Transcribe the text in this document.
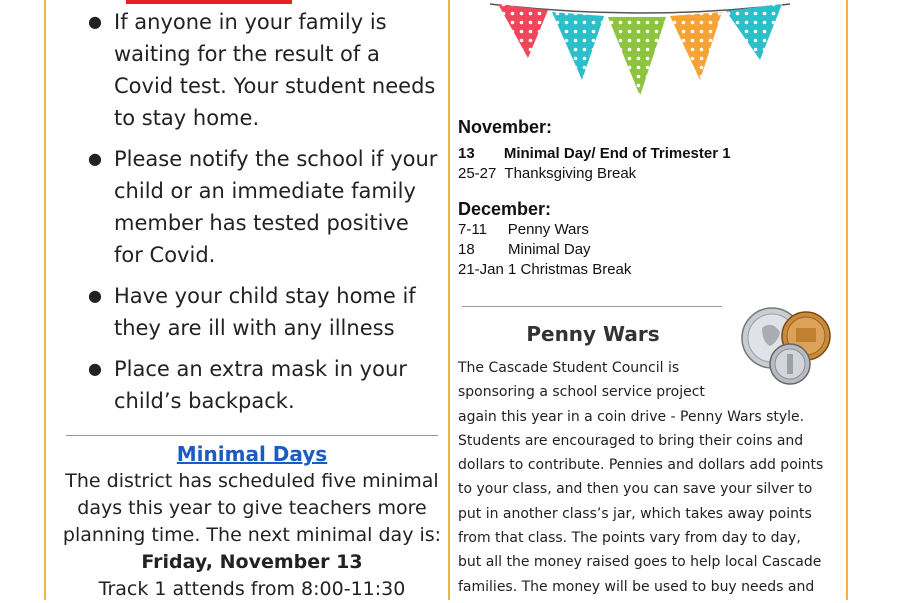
● If anyone in your family is waiting for the result of a Covid test. Your student needs to stay home.
● Please notify the school if your child or an immediate family member has tested positive for Covid.
● Have your child stay home if they are ill with any illness
● Place an extra mask in your child’s backpack.
Minimal Days
The district has scheduled five minimal days this year to give teachers more planning time. The next minimal day is:
Friday, November 13
Track 1 attends from 8:00-11:30
November:
13       Minimal Day/ End of Trimester 1
25-27  Thanksgiving Break
December:
7-11     Penny Wars
18        Minimal Day
21-Jan 1 Christmas Break
Penny Wars
The Cascade Student Council is
sponsoring a school service project
again this year in a coin drive - Penny Wars style.
Students are encouraged to bring their coins and
dollars to contribute. Pennies and dollars add points
to your class, and then you can save your silver to
put in another class’s jar, which takes away points
from that class. The points vary from day to day,
but all the money raised goes to help local Cascade
families. The money will be used to buy needs and
